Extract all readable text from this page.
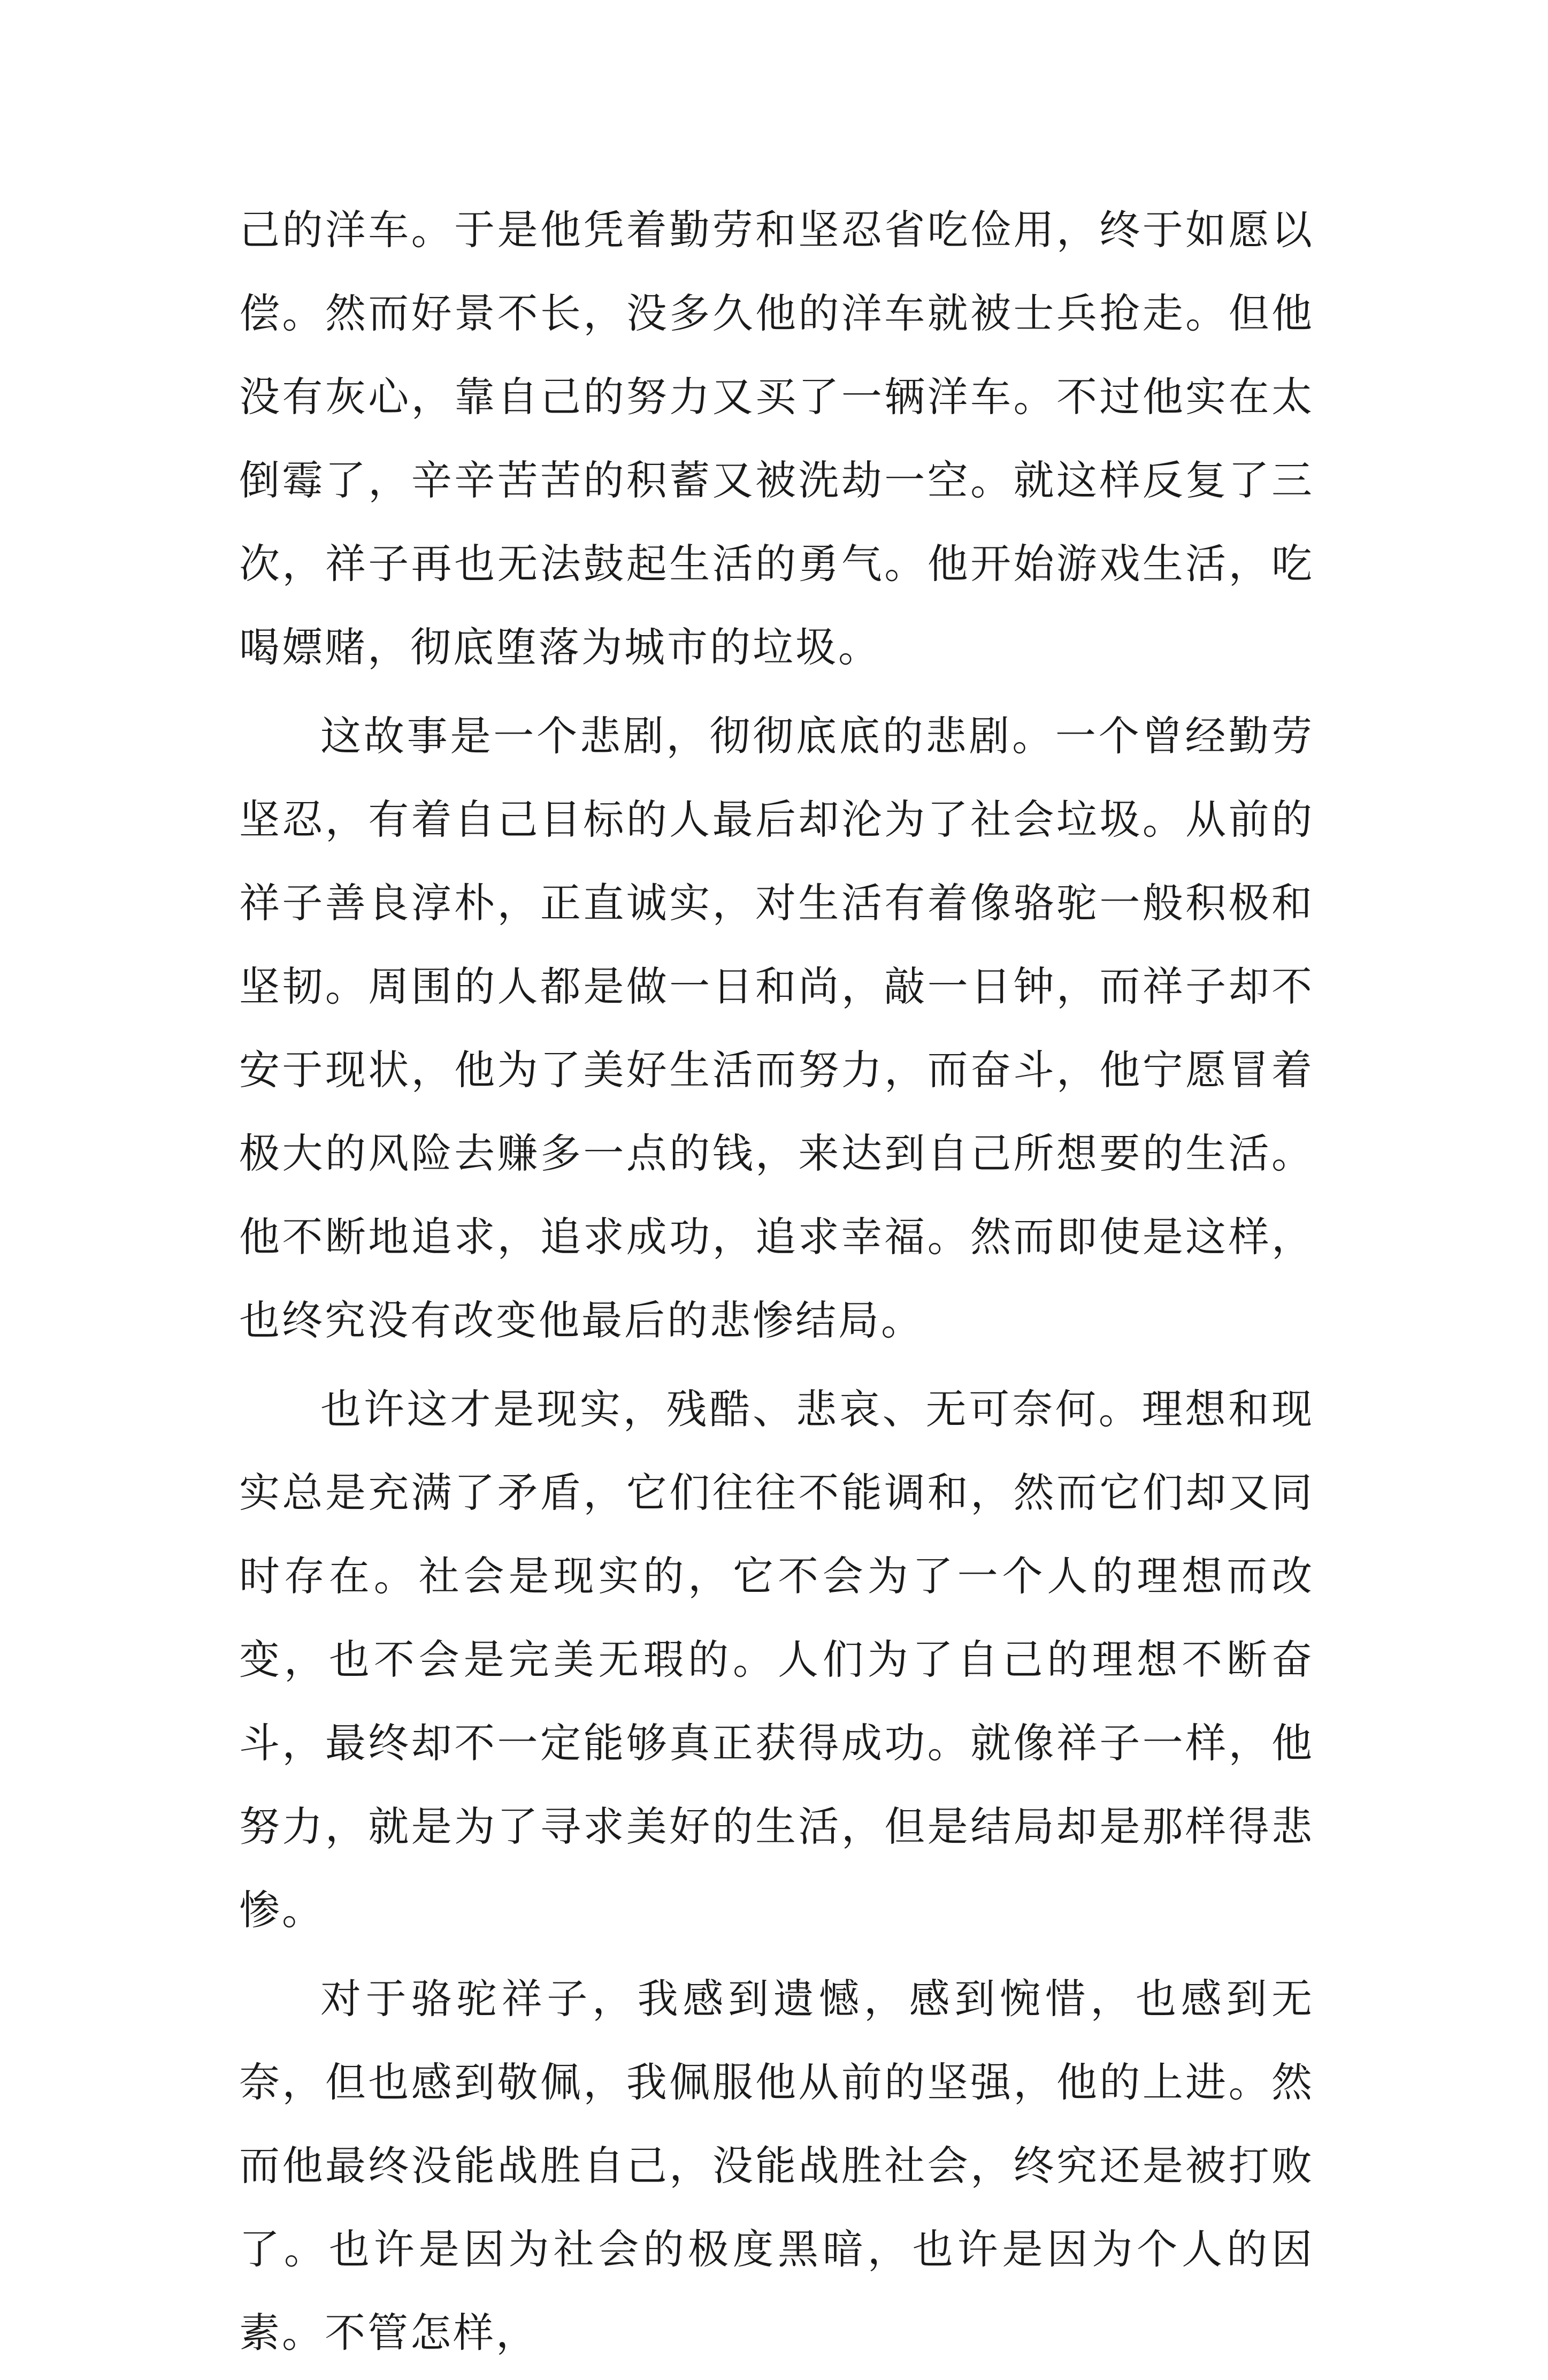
己的洋车。于是他凭着勤劳和坚忍省吃俭用，终于如愿以偿。然而好景不长，没多久他的洋车就被士兵抢走。但他没有灰心，靠自己的努力又买了一辆洋车。不过他实在太倒霉了，辛辛苦苦的积蓄又被洗劫一空。就这样反复了三次，祥子再也无法鼓起生活的勇气。他开始游戏生活，吃喝嫖赌，彻底堕落为城市的垃圾。

这故事是一个悲剧，彻彻底底的悲剧。一个曾经勤劳坚忍，有着自己目标的人最后却沦为了社会垃圾。从前的祥子善良淳朴，正直诚实，对生活有着像骆驼一般积极和坚韧。周围的人都是做一日和尚，敲一日钟，而祥子却不安于现状，他为了美好生活而努力，而奋斗，他宁愿冒着极大的风险去赚多一点的钱，来达到自己所想要的生活。他不断地追求，追求成功，追求幸福。然而即使是这样，也终究没有改变他最后的悲惨结局。

也许这才是现实，残酷、悲哀、无可奈何。理想和现实总是充满了矛盾，它们往往不能调和，然而它们却又同时存在。社会是现实的，它不会为了一个人的理想而改变，也不会是完美无瑕的。人们为了自己的理想不断奋斗，最终却不一定能够真正获得成功。就像祥子一样，他努力，就是为了寻求美好的生活，但是结局却是那样得悲惨。

对于骆驼祥子，我感到遗憾，感到惋惜，也感到无奈，但也感到敬佩，我佩服他从前的坚强，他的上进。然而他最终没能战胜自己，没能战胜社会，终究还是被打败了。也许是因为社会的极度黑暗，也许是因为个人的因素。不管怎样，
